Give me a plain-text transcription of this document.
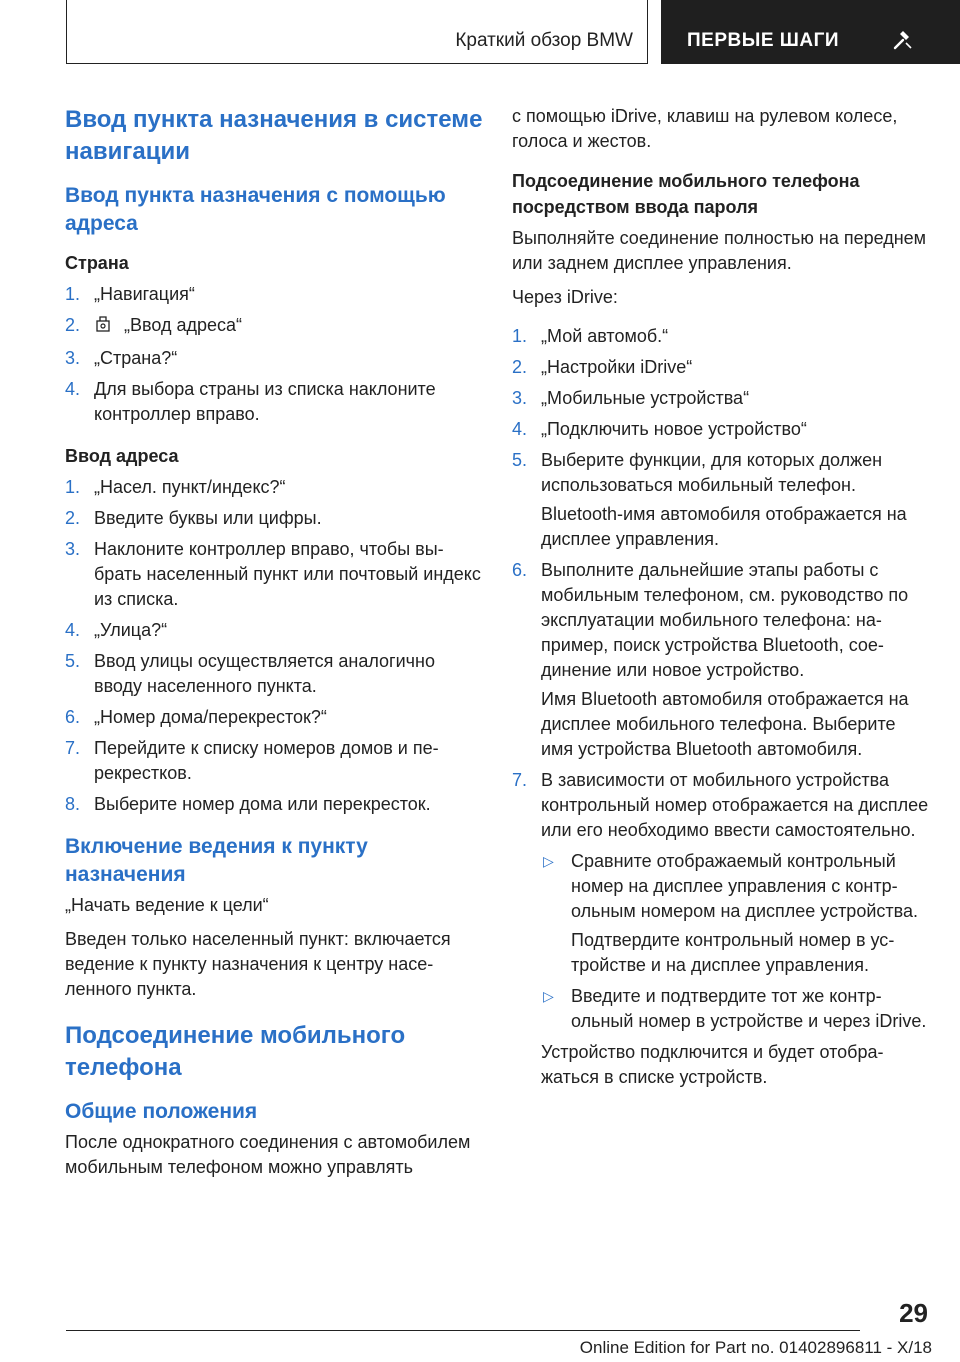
Краткий обзор BMW	ПЕРВЫЕ ШАГИ
Ввод пункта назначения в системе навигации
Ввод пункта назначения с помощью адреса
Страна
1. „Навигация“
2. „Ввод адреса“
3. „Страна?“
4. Для выбора страны из списка наклоните контроллер вправо.
Ввод адреса
1. „Насел. пункт/индекс?“
2. Введите буквы или цифры.
3. Наклоните контроллер вправо, чтобы выбрать населенный пункт или почтовый индекс из списка.
4. „Улица?“
5. Ввод улицы осуществляется аналогично вводу населенного пункта.
6. „Номер дома/перекресток?“
7. Перейдите к списку номеров домов и перекрестков.
8. Выберите номер дома или перекресток.
Включение ведения к пункту назначения

„Начать ведение к цели“

Введен только населенный пункт: включается ведение к пункту назначения к центру населенного пункта.

Подсоединение мобильного телефона
Общие положения

После однократного соединения с автомобилем мобильным телефоном можно управлять

с помощью iDrive, клавиш на рулевом колесе, голоса и жестов.

Подсоединение мобильного телефона посредством ввода пароля

Выполняйте соединение полностью на переднем или заднем дисплее управления.

Через iDrive:

1. „Мой автомоб.“
2. „Настройки iDrive“
3. „Мобильные устройства“
4. „Подключить новое устройство“
5. Выберите функции, для которых должен использоваться мобильный телефон.
Bluetooth-имя автомобиля отображается на дисплее управления.
6. Выполните дальнейшие этапы работы с мобильным телефоном, см. руководство по эксплуатации мобильного телефона: например, поиск устройства Bluetooth, соединение или новое устройство.
Имя Bluetooth автомобиля отображается на дисплее мобильного телефона. Выберите имя устройства Bluetooth автомобиля.
7. В зависимости от мобильного устройства контрольный номер отображается на дисплее или его необходимо ввести самостоятельно.
▷ Сравните отображаемый контрольный номер на дисплее управления с контрольным номером на дисплее устройства.
Подтвердите контрольный номер в устройстве и на дисплее управления.
▷ Введите и подтвердите тот же контрольный номер в устройстве и через iDrive.
Устройство подключится и будет отображаться в списке устройств.
29
Online Edition for Part no. 01402896811 - X/18
